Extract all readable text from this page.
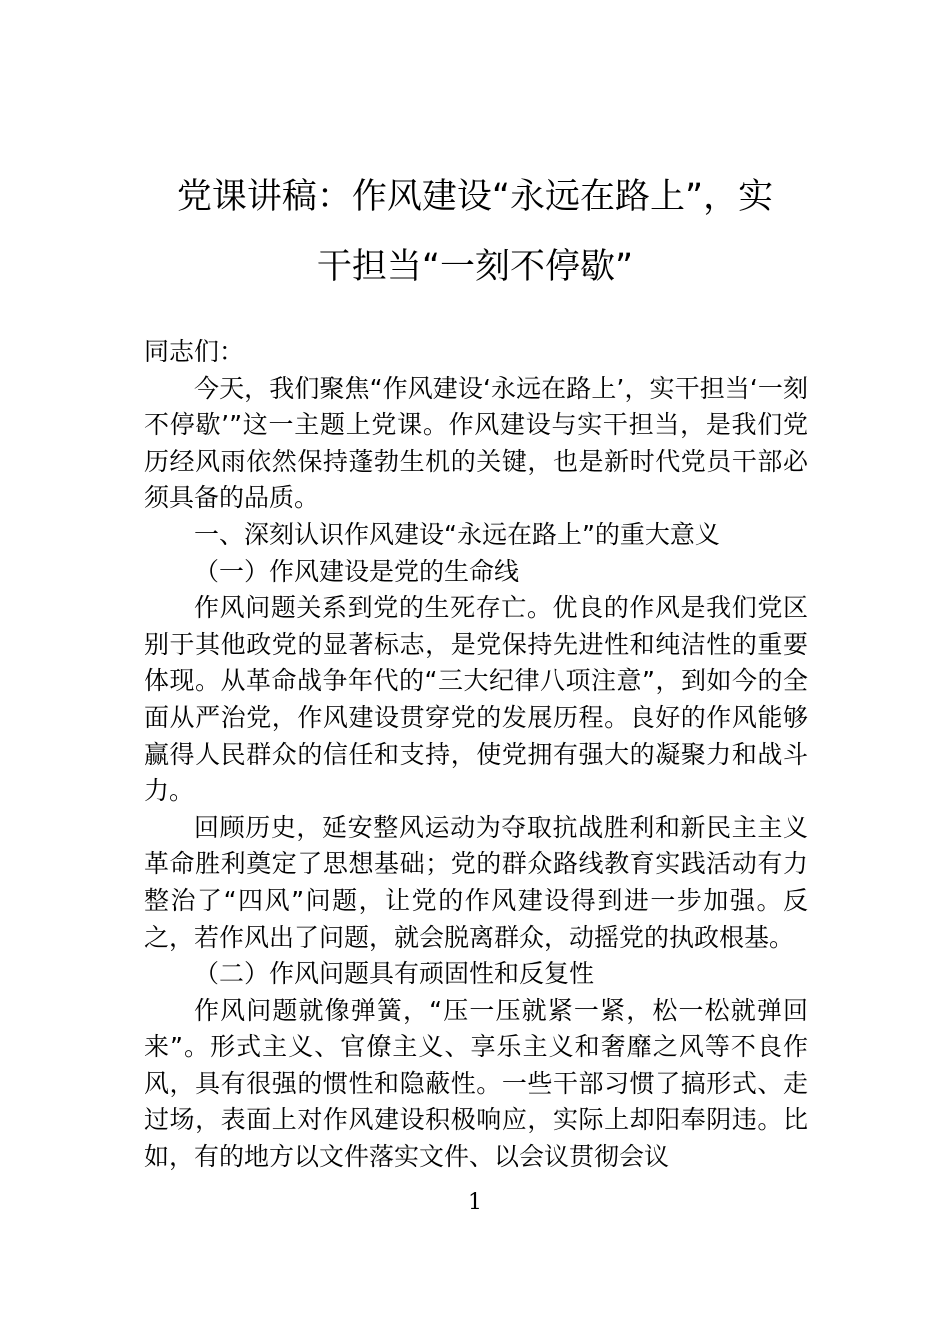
党课讲稿：作风建设“永远在路上”，实
干担当“一刻不停歇”

同志们：

今天，我们聚焦“作风建设‘永远在路上’，实干担当‘一刻不停歇’”这一主题上党课。作风建设与实干担当，是我们党历经风雨依然保持蓬勃生机的关键，也是新时代党员干部必须具备的品质。

一、深刻认识作风建设“永远在路上”的重大意义

（一）作风建设是党的生命线

作风问题关系到党的生死存亡。优良的作风是我们党区别于其他政党的显著标志，是党保持先进性和纯洁性的重要体现。从革命战争年代的“三大纪律八项注意”，到如今的全面从严治党，作风建设贯穿党的发展历程。良好的作风能够赢得人民群众的信任和支持，使党拥有强大的凝聚力和战斗力。

回顾历史，延安整风运动为夺取抗战胜利和新民主主义革命胜利奠定了思想基础；党的群众路线教育实践活动有力整治了“四风”问题，让党的作风建设得到进一步加强。反之，若作风出了问题，就会脱离群众，动摇党的执政根基。

（二）作风问题具有顽固性和反复性

作风问题就像弹簧，“压一压就紧一紧，松一松就弹回来”。形式主义、官僚主义、享乐主义和奢靡之风等不良作风，具有很强的惯性和隐蔽性。一些干部习惯了搞形式、走过场，表面上对作风建设积极响应，实际上却阳奉阴违。比如，有的地方以文件落实文件、以会议贯彻会议

1
